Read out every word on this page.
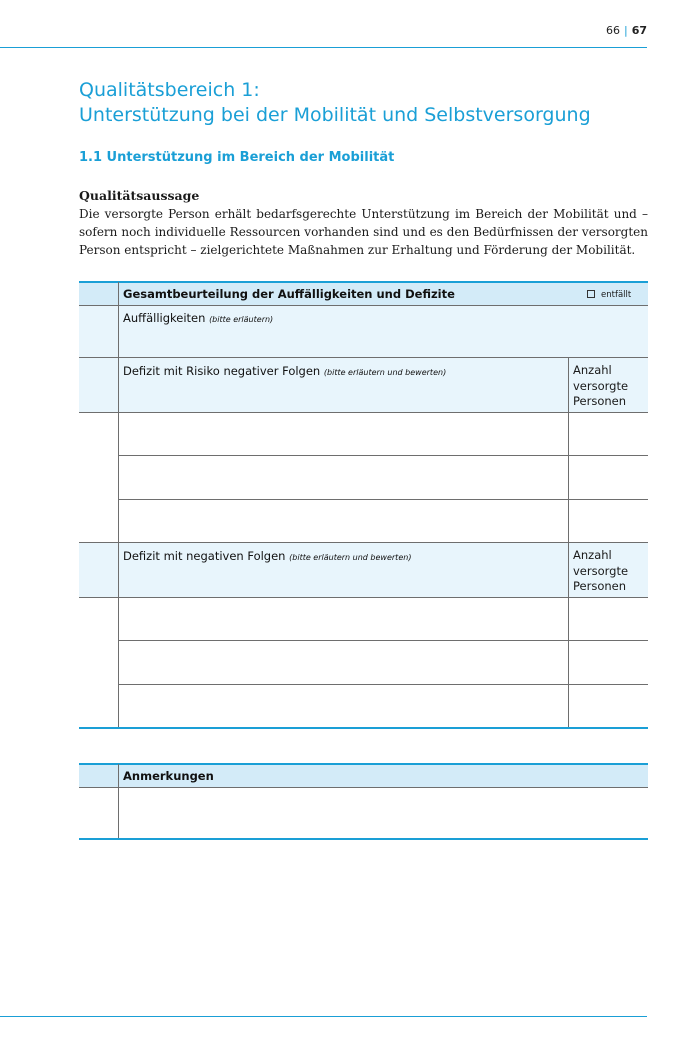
66 | 67
Qualitätsbereich 1:
Unterstützung bei der Mobilität und Selbstversorgung
1.1 Unterstützung im Bereich der Mobilität
Qualitätsaussage

Die versorgte Person erhält bedarfsgerechte Unterstützung im Bereich der Mobilität und – sofern noch individuelle Ressourcen vorhanden sind und es den Bedürfnissen der versorgten Person entspricht – zielgerichtete Maßnahmen zur Erhaltung und Förderung der Mobilität.

Gesamtbeurteilung der Auffälligkeiten und Defizite	entfällt
Auffälligkeiten (bitte erläutern)
Defizit mit Risiko negativer Folgen (bitte erläutern und bewerten)	Anzahl
versorgte
Personen
Defizit mit negativen Folgen (bitte erläutern und bewerten)	Anzahl
versorgte
Personen
Anmerkungen
